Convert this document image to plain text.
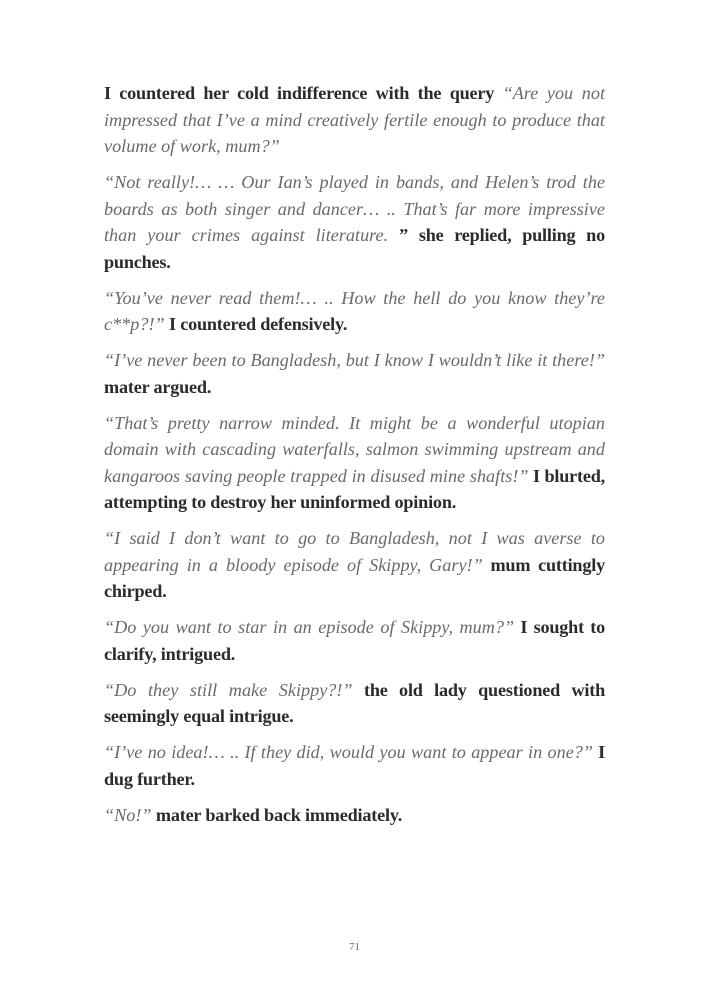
I countered her cold indifference with the query “Are you not impressed that I’ve a mind creatively fertile enough to produce that volume of work, mum?”

“Not really!… … Our Ian’s played in bands, and Helen’s trod the boards as both singer and dancer… .. That’s far more impressive than your crimes against literature. ” she replied, pulling no punches.

“You’ve never read them!… .. How the hell do you know they’re c**p?!” I countered defensively.

“I’ve never been to Bangladesh, but I know I wouldn’t like it there!” mater argued.

“That’s pretty narrow minded. It might be a wonderful utopian domain with cascading waterfalls, salmon swimming upstream and kangaroos saving people trapped in disused mine shafts!” I blurted, attempting to destroy her uninformed opinion.

“I said I don’t want to go to Bangladesh, not I was averse to appearing in a bloody episode of Skippy, Gary!” mum cuttingly chirped.

“Do you want to star in an episode of Skippy, mum?” I sought to clarify, intrigued.

“Do they still make Skippy?!” the old lady questioned with seemingly equal intrigue.

“I’ve no idea!… .. If they did, would you want to appear in one?” I dug further.

“No!” mater barked back immediately.

71
